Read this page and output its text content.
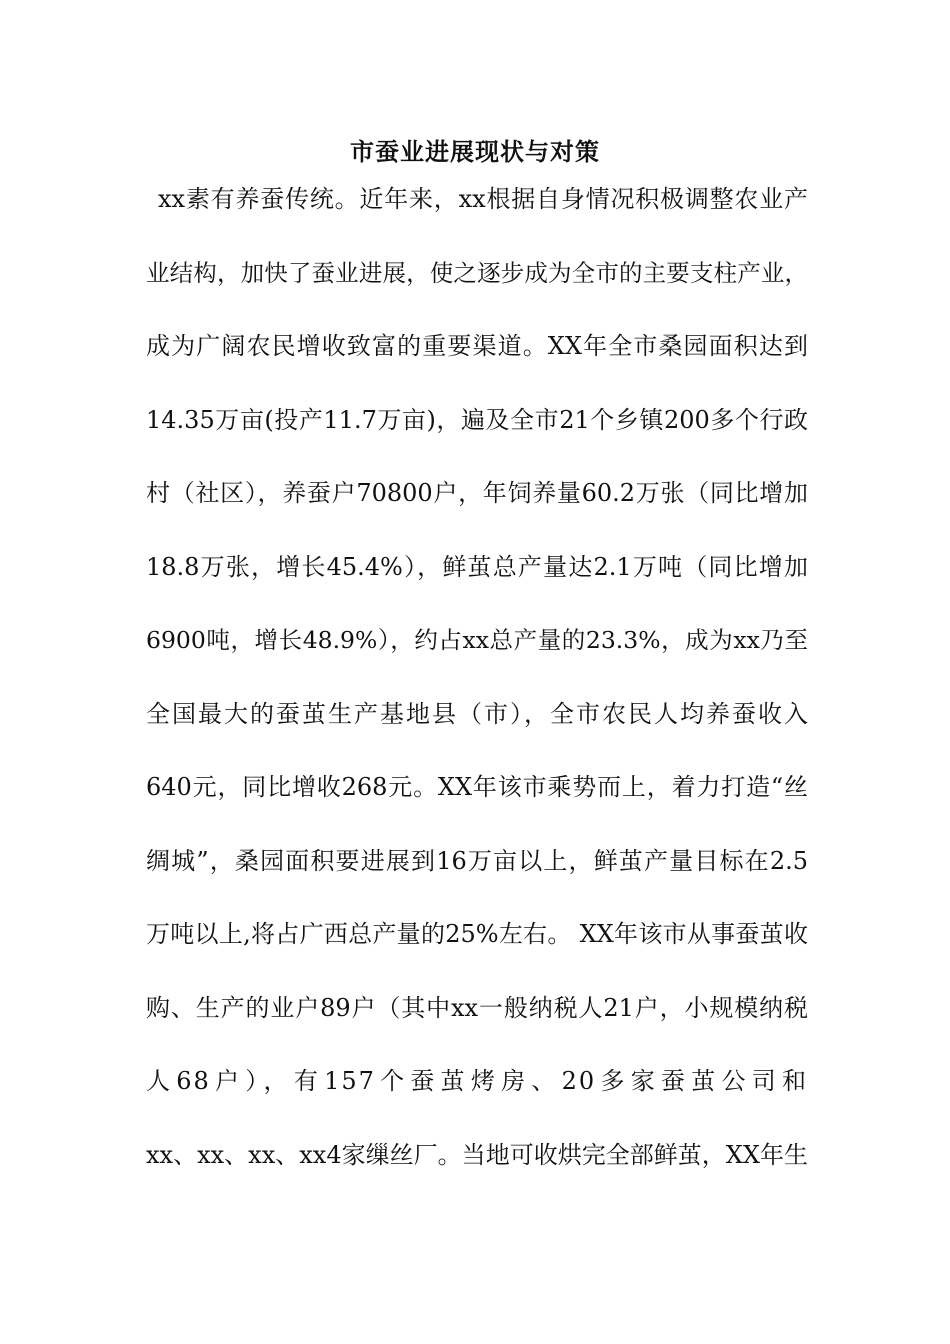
市蚕业进展现状与对策
xx素有养蚕传统。近年来，xx根据自身情况积极调整农业产
业结构，加快了蚕业进展，使之逐步成为全市的主要支柱产业，
成为广阔农民增收致富的重要渠道。XX年全市桑园面积达到
14.35万亩(投产11.7万亩)，遍及全市21个乡镇200多个行政
村（社区），养蚕户70800户，年饲养量60.2万张（同比增加
18.8万张，增长45.4%），鲜茧总产量达2.1万吨（同比增加
6900吨，增长48.9%），约占xx总产量的23.3%，成为xx乃至
全国最大的蚕茧生产基地县（市），全市农民人均养蚕收入
640元，同比增收268元。XX年该市乘势而上，着力打造“丝
绸城”，桑园面积要进展到16万亩以上，鲜茧产量目标在2.5
万吨以上,将占广西总产量的25%左右。 XX年该市从事蚕茧收
购、生产的业户89户（其中xx一般纳税人21户，小规模纳税
人68户），有157个蚕茧烤房、20多家蚕茧公司和
xx、xx、xx、xx4家缫丝厂。当地可收烘完全部鲜茧，XX年生
